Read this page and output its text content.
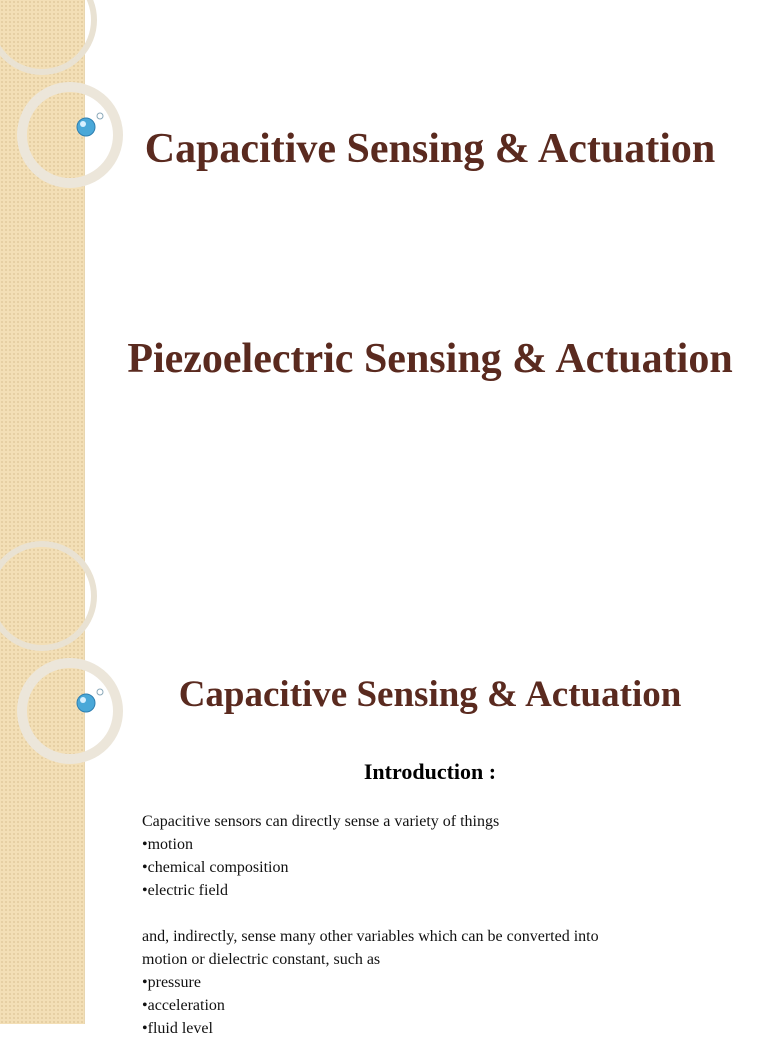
Capacitive Sensing & Actuation
Piezoelectric Sensing & Actuation
Capacitive Sensing & Actuation
Introduction :

Capacitive sensors can directly sense a variety of things

• motion
• chemical composition
• electric field

and, indirectly, sense many other variables which can be converted into

motion or dielectric constant, such as

• pressure
• acceleration
• fluid level
